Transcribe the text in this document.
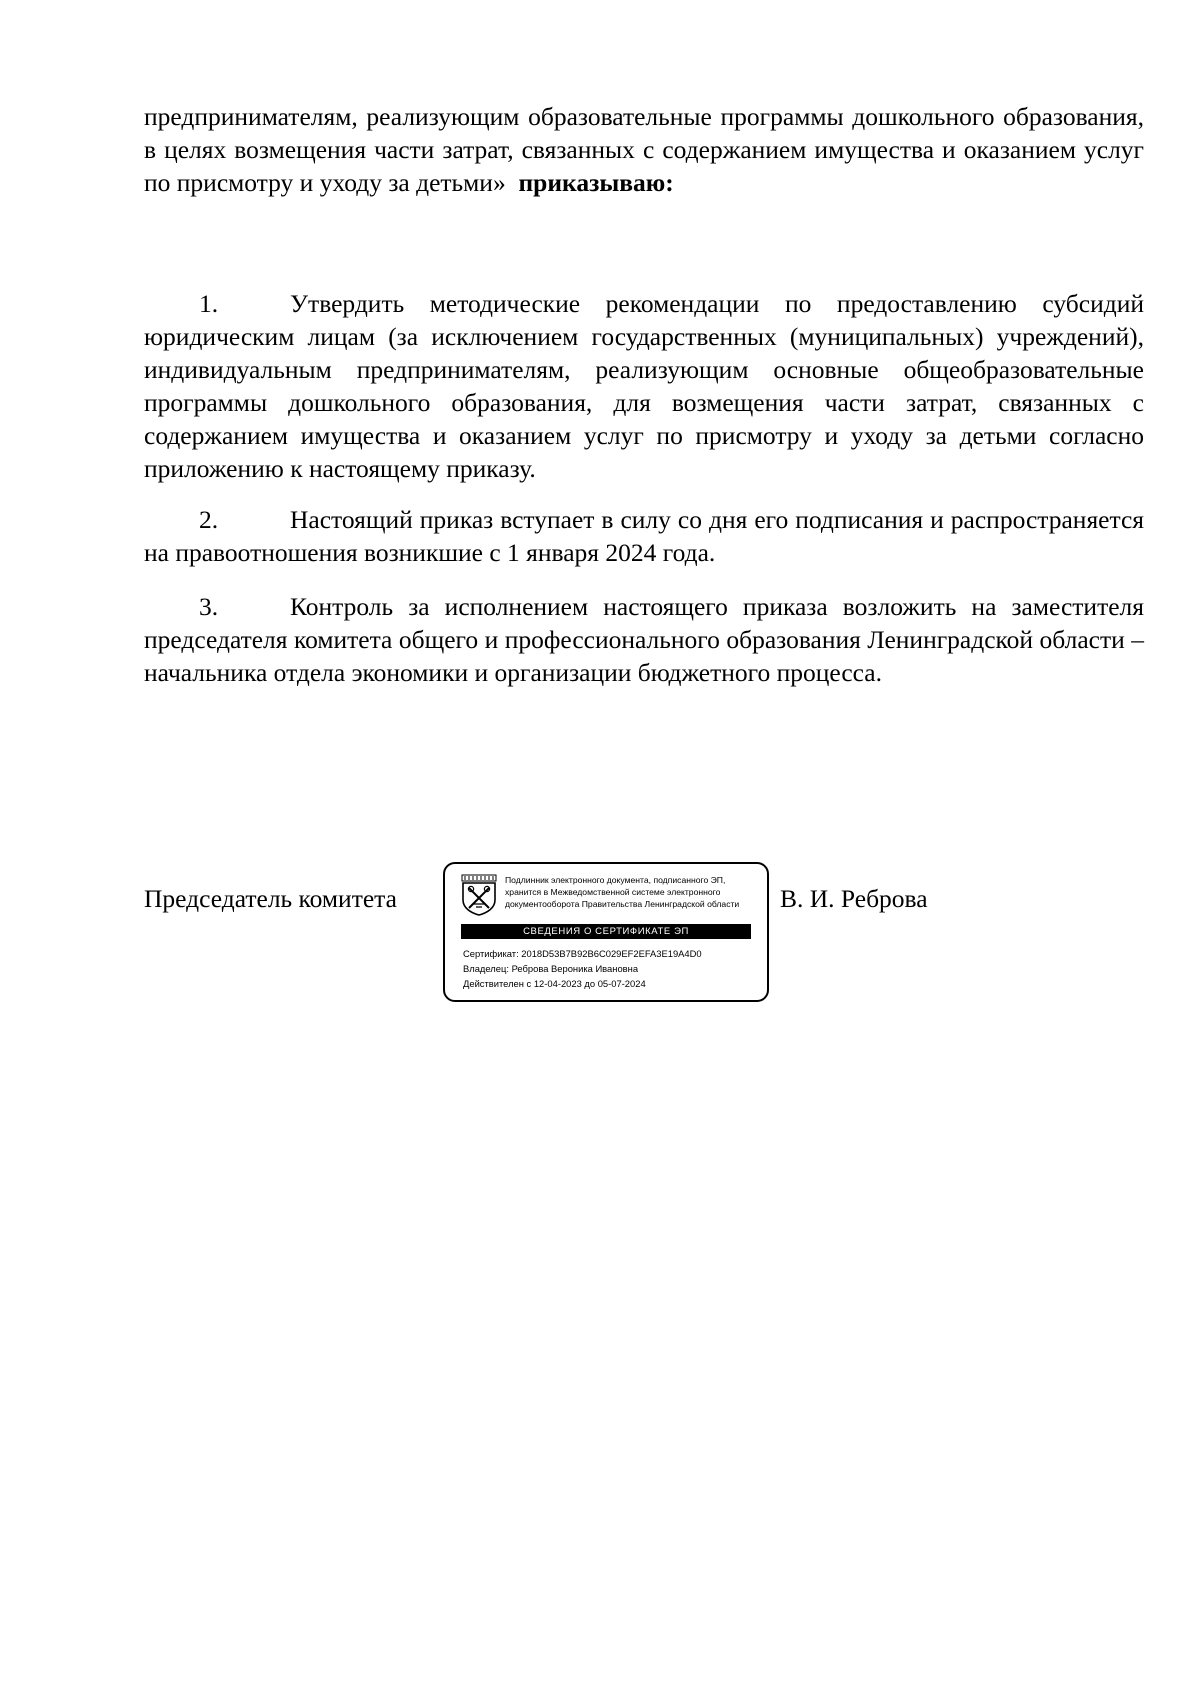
предпринимателям, реализующим образовательные программы дошкольного образования, в целях возмещения части затрат, связанных с содержанием имущества и оказанием услуг по присмотру и уходу за детьми» приказываю:
1.	Утвердить методические рекомендации по предоставлению субсидий юридическим лицам (за исключением государственных (муниципальных) учреждений), индивидуальным предпринимателям, реализующим основные общеобразовательные программы дошкольного образования, для возмещения части затрат, связанных с содержанием имущества и оказанием услуг по присмотру и уходу за детьми согласно приложению к настоящему приказу.
2.	Настоящий приказ вступает в силу со дня его подписания и распространяется на правоотношения возникшие с 1 января 2024 года.
3.	Контроль за исполнением настоящего приказа возложить на заместителя председателя комитета общего и профессионального образования Ленинградской области – начальника отдела экономики и организации бюджетного процесса.
Председатель комитета
Подлинник электронного документа, подписанного ЭП,
хранится в Межведомственной системе электронного
документооборота Правительства Ленинградской области
СВЕДЕНИЯ О СЕРТИФИКАТЕ ЭП
Сертификат: 2018D53B7B92B6C029EF2EFA3E19A4D0
Владелец: Реброва Вероника Ивановна
Действителен с 12-04-2023 до 05-07-2024
В. И. Реброва
